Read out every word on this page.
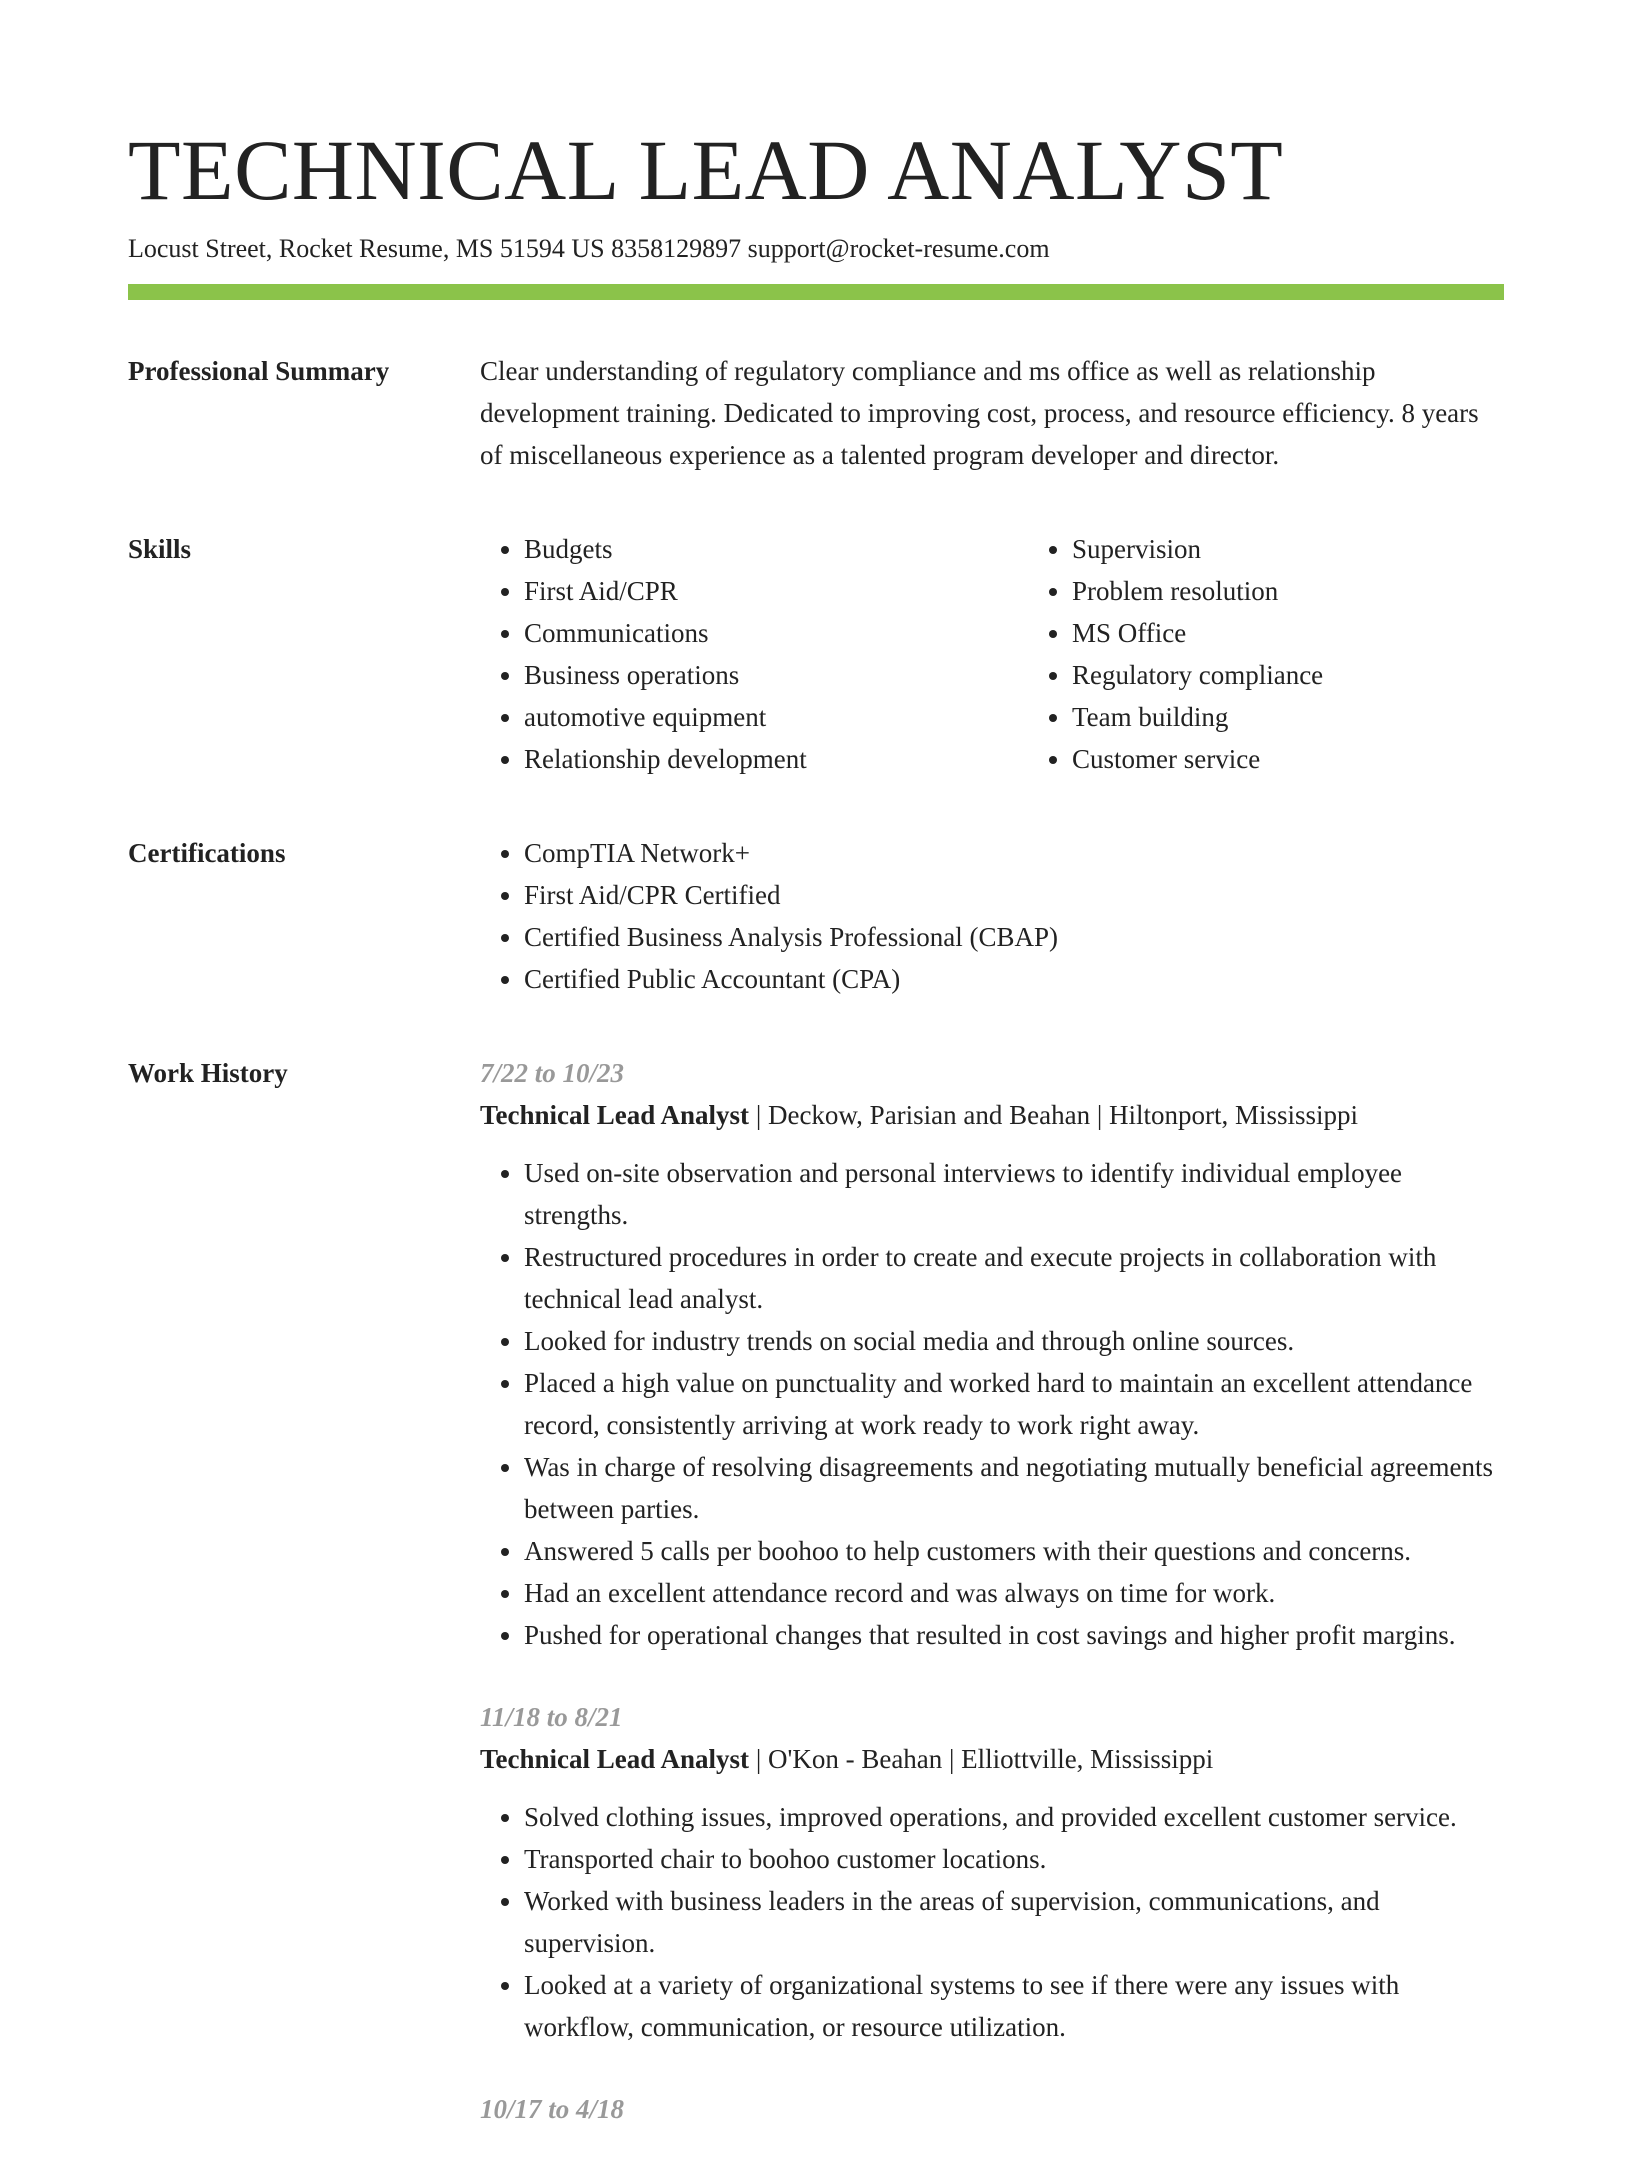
TECHNICAL LEAD ANALYST
Locust Street, Rocket Resume, MS 51594 US 8358129897 support@rocket-resume.com
Professional Summary	Clear understanding of regulatory compliance and ms office as well as relationship development training. Dedicated to improving cost, process, and resource efficiency. 8 years of miscellaneous experience as a talented program developer and director.

Skills	• Budgets
• First Aid/CPR
• Communications
• Business operations
• automotive equipment
• Relationship development
• Supervision
• Problem resolution
• MS Office
• Regulatory compliance
• Team building
• Customer service
Certifications	• CompTIA Network+
• First Aid/CPR Certified
• Certified Business Analysis Professional (CBAP)
• Certified Public Accountant (CPA)
Work History	7/22 to 10/23
Technical Lead Analyst | Deckow, Parisian and Beahan | Hiltonport, Mississippi
• Used on-site observation and personal interviews to identify individual employee strengths.
• Restructured procedures in order to create and execute projects in collaboration with technical lead analyst.
• Looked for industry trends on social media and through online sources.
• Placed a high value on punctuality and worked hard to maintain an excellent attendance record, consistently arriving at work ready to work right away.
• Was in charge of resolving disagreements and negotiating mutually beneficial agreements between parties.
• Answered 5 calls per boohoo to help customers with their questions and concerns.
• Had an excellent attendance record and was always on time for work.
• Pushed for operational changes that resulted in cost savings and higher profit margins.
11/18 to 8/21
Technical Lead Analyst | O'Kon - Beahan | Elliottville, Mississippi
• Solved clothing issues, improved operations, and provided excellent customer service.
• Transported chair to boohoo customer locations.
• Worked with business leaders in the areas of supervision, communications, and supervision.
• Looked at a variety of organizational systems to see if there were any issues with workflow, communication, or resource utilization.
10/17 to 4/18
